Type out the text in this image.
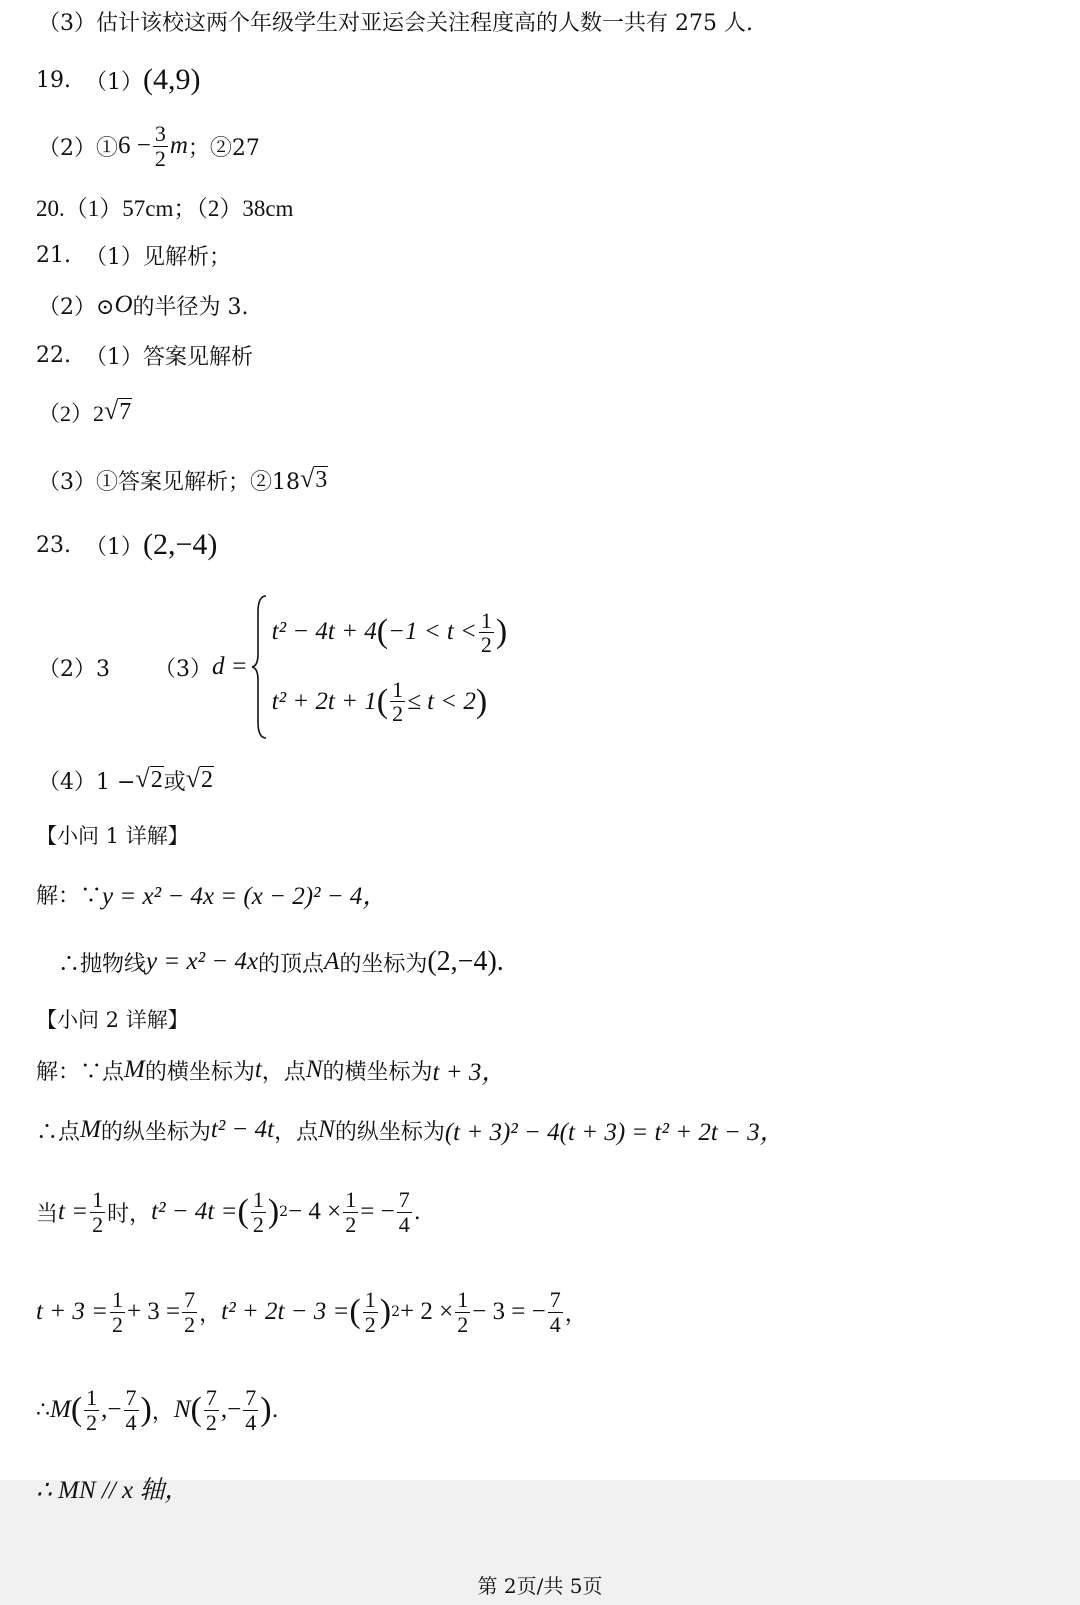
（3）估计该校这两个年级学生对亚运会关注程度高的人数一共有 275 人.
19. （1） (4,9)
（2）① $6 - \frac{3}{2}$ m ；②27
20.（1）57cm；（2）38cm
21. （1）见解析；
（2）⊙ O 的半径为 3.
22. （1）答案见解析
（2）2 √ 7
（3）①答案见解析；②18 √ 3
23. （1） (2,−4)
（2）3 （3） d =
t² − 4t + 4 ( $-1 < t < \frac{1}{2}$ )
t² + 2t + 1 ( $\frac{1}{2} \le t < 2$ )
（4）1 − √ 2 或 √ 2
【小问 1 详解】
解：∵ y = x² − 4x = (x − 2)² − 4，
∴抛物线 y = x² − 4x 的顶点 A 的坐标为 (2,−4).
【小问 2 详解】
解：∵点 M 的横坐标为 t ，点 N 的横坐标为 t + 3，
∴点 M 的纵坐标为 t² − 4t ，点 N 的纵坐标为 (t + 3)² − 4(t + 3) = t² + 2t − 3，
当 $t = \frac{1}{2}$ 时， t² − 4t = ( $\frac{1}{2}$ ) $2 - 4 \times \frac{1}{2}$ = − $\frac{7}{4}$ .
$t + 3 = \frac{1}{2} + 3 = \frac{7}{2}$ ， t² + 2t − 3 = ( $\frac{1}{2}$ ) $2 + 2 \times \frac{1}{2} - 3$ = − $\frac{7}{4}$ ，
∴ M ( $\frac{1}{2}$ ,− $\frac{7}{4}$ ) ， N ( $\frac{7}{2}$ ,− $\frac{7}{4}$ ) .
∴ MN // x 轴，
第 2页/共 5页
